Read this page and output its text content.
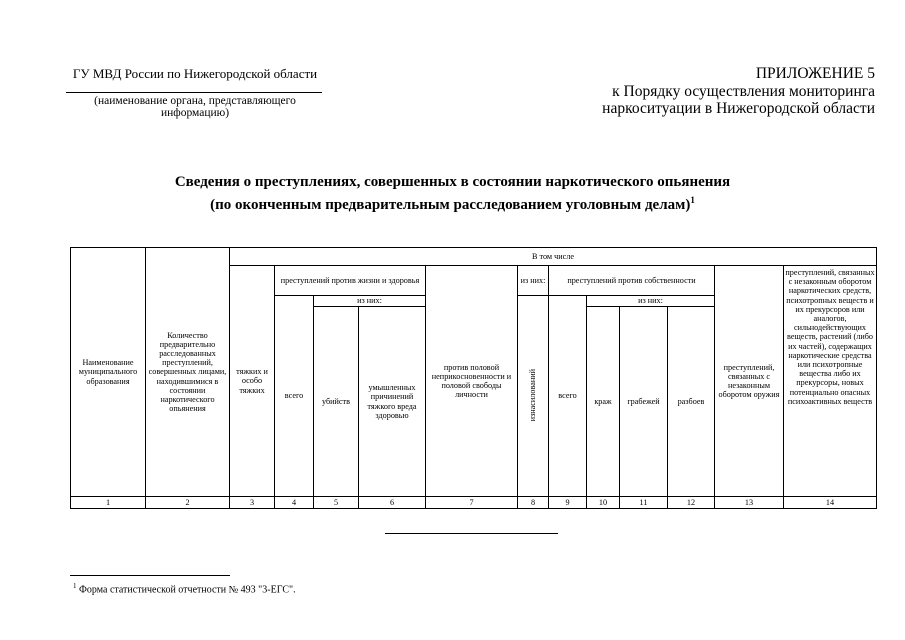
ГУ МВД России по Нижегородской области
(наименование органа, представляющего информацию)
ПРИЛОЖЕНИЕ 5
к Порядку осуществления мониторинга
наркоситуации в Нижегородской области
Сведения о преступлениях, совершенных в состоянии наркотического опьянения
(по оконченным предварительным расследованием уголовным делам)$^1$
Наименование муниципального образования	Количество предварительно расследованных преступлений, совершенных лицами, находившимися в состоянии наркотического опьянения	В том числе											
		тяжких и особо тяжких	преступлений против жизни и здоровья			против половой неприкосновенности и половой свободы личности	из них:	преступлений против собственности				преступлений, связанных с незаконным оборотом оружия	преступлений, связанных с незаконным оборотом наркотических средств, психотропных веществ и их прекурсоров или аналогов, сильнодействующих веществ, растений (либо их частей), содержащих наркотические средства или психотропные вещества либо их прекурсоры, новых потенциально опасных психоактивных веществ
			всего	из них:			изнасилований	всего	из них:				
				убийств	умышленных причинений тяжкого вреда здоровью				краж	грабежей	разбоев		
1	2	3	4	5	6	7	8	9	10	11	12	13	14
$^1$ Форма статистической отчетности № 493 "3-ЕГС".
